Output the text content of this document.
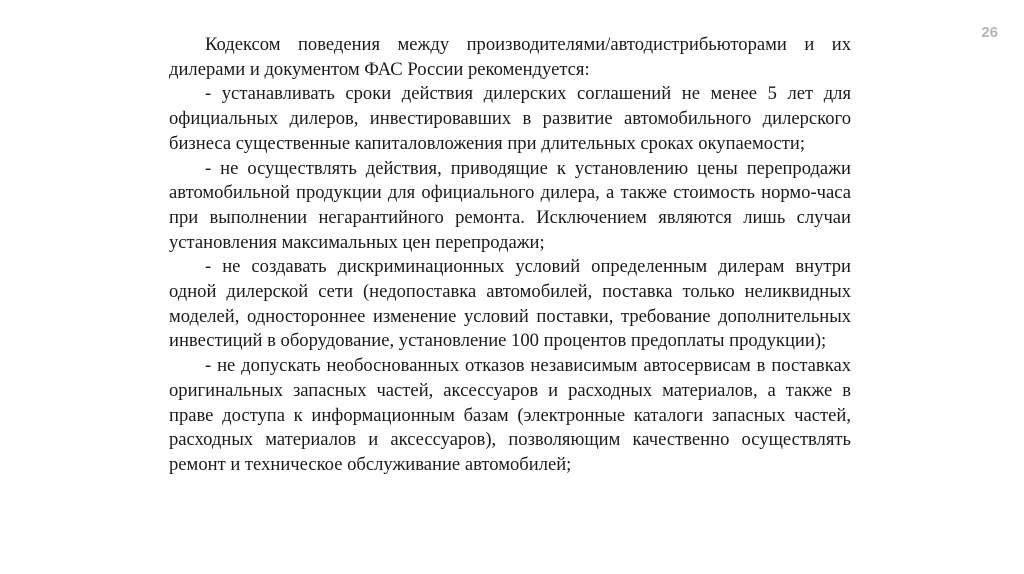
26

Кодексом поведения между производителями/автодистрибьюторами и их дилерами и документом ФАС России рекомендуется:

- устанавливать сроки действия дилерских соглашений не менее 5 лет для официальных дилеров, инвестировавших в развитие автомобильного дилерского бизнеса существенные капиталовложения при длительных сроках окупаемости;

- не осуществлять действия, приводящие к установлению цены перепродажи автомобильной продукции для официального дилера, а также стоимость нормо-часа при выполнении негарантийного ремонта. Исключением являются лишь случаи установления максимальных цен перепродажи;

- не создавать дискриминационных условий определенным дилерам внутри одной дилерской сети (недопоставка автомобилей, поставка только неликвидных моделей, одностороннее изменение условий поставки, требование дополнительных инвестиций в оборудование, установление 100 процентов предоплаты продукции);

- не допускать необоснованных отказов независимым автосервисам в поставках оригинальных запасных частей, аксессуаров и расходных материалов, а также в праве доступа к информационным базам (электронные каталоги запасных частей, расходных материалов и аксессуаров), позволяющим качественно осуществлять ремонт и техническое обслуживание автомобилей;
